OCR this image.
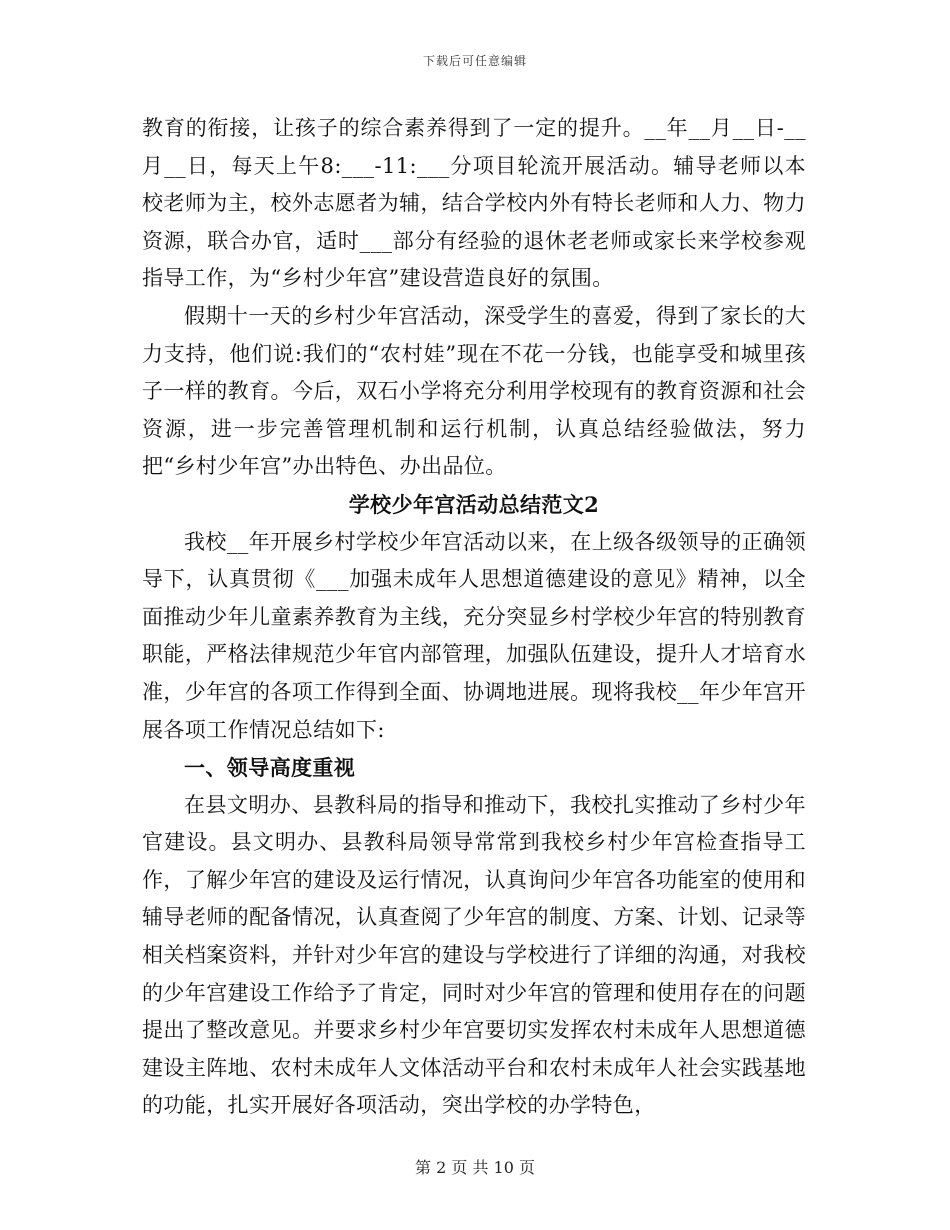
下载后可任意编辑

教育的衔接，让孩子的综合素养得到了一定的提升。__年__月__日-__月__日，每天上午8:___-11:___分项目轮流开展活动。辅导老师以本校老师为主，校外志愿者为辅，结合学校内外有特长老师和人力、物力资源，联合办官，适时___部分有经验的退休老老师或家长来学校参观指导工作，为“乡村少年宫”建设营造良好的氛围。

假期十一天的乡村少年宫活动，深受学生的喜爱，得到了家长的大力支持，他们说:我们的“农村娃”现在不花一分钱，也能享受和城里孩子一样的教育。今后，双石小学将充分利用学校现有的教育资源和社会资源，进一步完善管理机制和运行机制，认真总结经验做法，努力把“乡村少年宫”办出特色、办出品位。

学校少年宫活动总结范文2

我校__年开展乡村学校少年宫活动以来，在上级各级领导的正确领导下，认真贯彻《___加强未成年人思想道德建设的意见》精神，以全面推动少年儿童素养教育为主线，充分突显乡村学校少年宫的特别教育职能，严格法律规范少年官内部管理，加强队伍建设，提升人才培育水准，少年宫的各项工作得到全面、协调地进展。现将我校__年少年宫开展各项工作情况总结如下:

一、领导高度重视

在县文明办、县教科局的指导和推动下，我校扎实推动了乡村少年官建设。县文明办、县教科局领导常常到我校乡村少年宫检查指导工作，了解少年宫的建设及运行情况，认真询问少年宫各功能室的使用和辅导老师的配备情况，认真查阅了少年宫的制度、方案、计划、记录等相关档案资料，并针对少年宫的建设与学校进行了详细的沟通，对我校的少年宫建设工作给予了肯定，同时对少年宫的管理和使用存在的问题提出了整改意见。并要求乡村少年宫要切实发挥农村未成年人思想道德建设主阵地、农村未成年人文体活动平台和农村未成年人社会实践基地的功能，扎实开展好各项活动，突出学校的办学特色，

第 2 页 共 10 页
